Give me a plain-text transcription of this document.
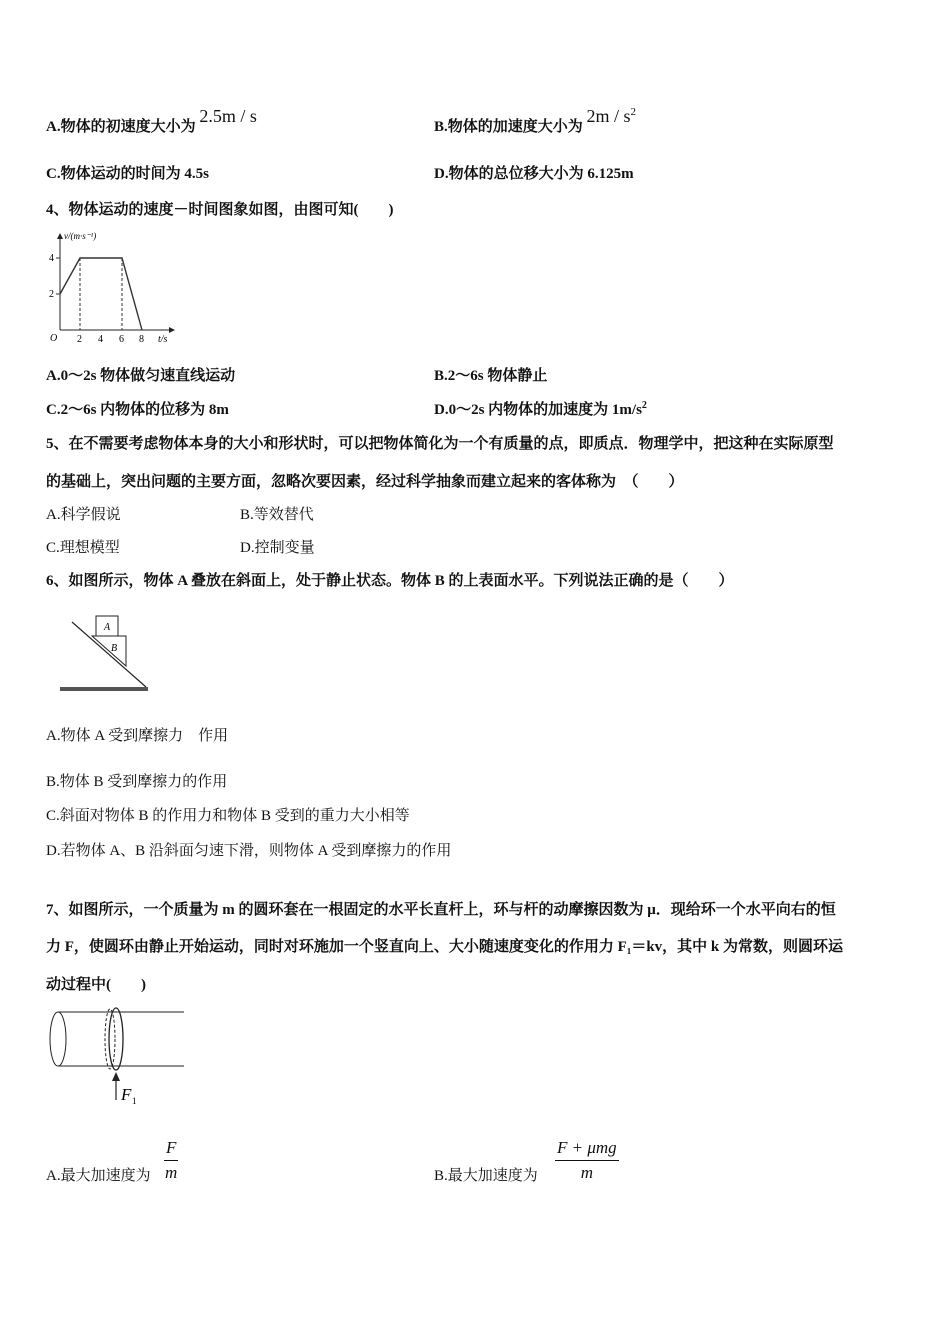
A.物体的初速度大小为 2.5m / s
B.物体的加速度大小为 $2m / s^2$
C.物体运动的时间为 4.5s	D.物体的总位移大小为 6.125m
4、物体运动的速度－时间图象如图，由图可知(　　)
v/(m·s⁻¹)
4
2
O 2 4 6 8 t/s
A.0～2s 物体做匀速直线运动	B.2～6s 物体静止
C.2～6s 内物体的位移为 8m	D.0～2s 内物体的加速度为 $1m/s^2$
5、在不需要考虑物体本身的大小和形状时，可以把物体简化为一个有质量的点，即质点．物理学中，把这种在实际原型
的基础上，突出问题的主要方面，忽略次要因素，经过科学抽象而建立起来的客体称为　（　　）
A.科学假说	B.等效替代
C.理想模型	D.控制变量
6、如图所示，物体 A 叠放在斜面上，处于静止状态。物体 B 的上表面水平。下列说法正确的是（　　）
A
B
A.物体 A 受到摩擦力　作用
B.物体 B 受到摩擦力的作用
C.斜面对物体 B 的作用力和物体 B 受到的重力大小相等
D.若物体 A、B 沿斜面匀速下滑，则物体 A 受到摩擦力的作用
7、如图所示，一个质量为 m 的圆环套在一根固定的水平长直杆上，环与杆的动摩擦因数为 μ．现给环一个水平向右的恒
力 F，使圆环由静止开始运动，同时对环施加一个竖直向上、大小随速度变化的作用力 F₁＝kv，其中 k 为常数，则圆环运
动过程中(　　)
F 1
A.最大加速度为 $\frac{F}{m}$	B.最大加速度为
F + μmg
m
